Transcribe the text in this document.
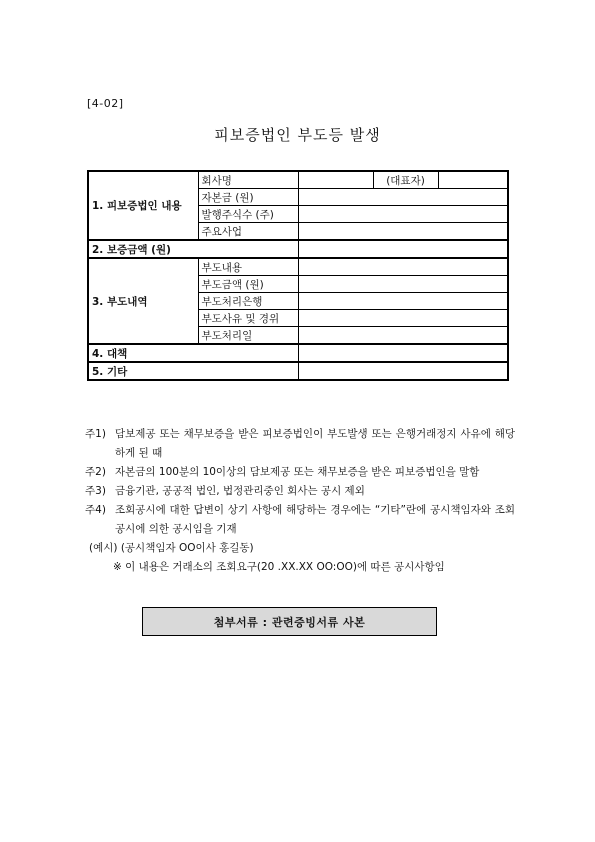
[4-02]
피보증법인 부도등 발생
1. 피보증법인 내용	회사명		(대표자)	
	자본금 (원)			
	발행주식수 (주)			
	주요사업			
2. 보증금액 (원)				
3. 부도내역	부도내용			
	부도금액 (원)			
	부도처리은행			
	부도사유 및 경위			
	부도처리일			
4. 대책				
5. 기타				
주1) 담보제공 또는 채무보증을 받은 피보증법인이 부도발생 또는 은행거래정지 사유에 해당하게 된 때
주2) 자본금의 100분의 10이상의 담보제공 또는 채무보증을 받은 피보증법인을 말함
주3) 금융기관, 공공적 법인, 법정관리중인 회사는 공시 제외
주4) 조회공시에 대한 답변이 상기 사항에 해당하는 경우에는 “기타”란에 공시책임자와 조회공시에 의한 공시임을 기재
(예시) (공시책임자 OO이사 홍길동)
※ 이 내용은 거래소의 조회요구(20 .XX.XX OO:OO)에 따른 공시사항임
첨부서류 : 관련증빙서류 사본
